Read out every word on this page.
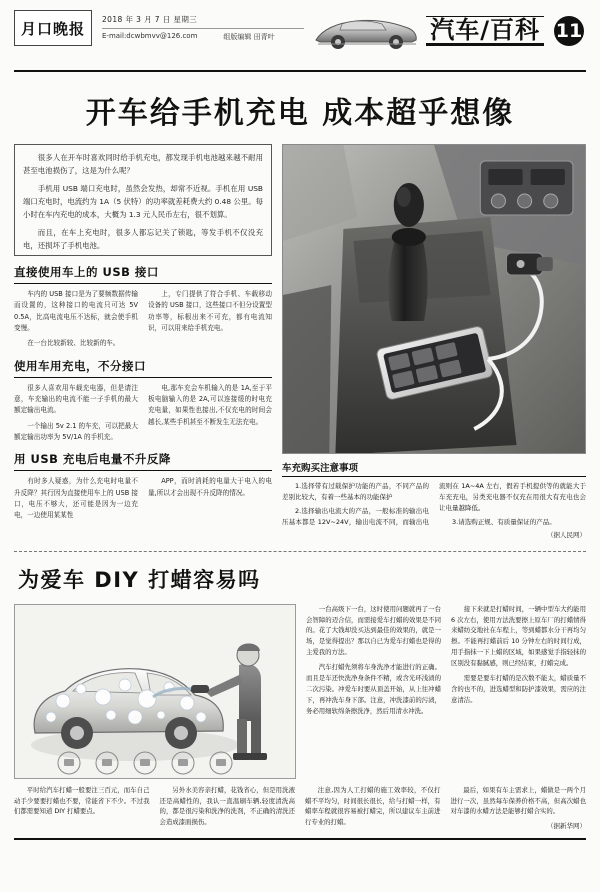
月口晚报	2018 年 3 月 7 日 星期三
E-mail:dcwbmvv@126.com	组版编辑 田青叶	汽车/百科 11
开车给手机充电 成本超乎想像

很多人在开车时喜欢同时给手机充电，都发现手机电池越来越不耐用甚至电池损伤了，这是为什么呢？

手机用 USB 端口充电时，虽然会发热，却常不近视。手机在用 USB 端口充电时，电流约为 1A（5 伏特）的功率就差耗费大约 0.48 公里。每小时在车内充电的成本，大概为 1.3 元人民币左右，很不划算。

而且，在车上充电时，很多人都忘记关了锁匙，等发手机不仅没充电，还损坏了手机电池。

直接使用车上的 USB 接口

车内的 USB 接口是为了要频数据传输而设置的，这种接口的电流只可达 5V 0.5A，比高电流电压不达标，就会使手机变慢。

在一台比较新较、比较新的车。

上，专门提供了符合手机、车载移动设备的 USB 接口，这些接口不但分设置型功率等，标根出来不可充，都有电流知识，可以用来给手机充电。

使用车用充电，不分接口

很多人喜欢用车载充电器，但是请注意，车充输出的电流不能一子手机的最大额定输出电流。

一个输出 5v 2.1 的车充，可以把最大额定输出功率为 5V/1A 的手机充。

电,那车充会车机输入的是 1A,至于平板电脑输入的是 2A,可以连接缓的时电充充电量，如果性也接出,不仅充电的时间会越长,某些手机甚至不断发生无法充电。

用 USB 充电后电量不升反降

有时多人疑惑，为什么充电时电量不升反降？其行因为直接使用车上的 USB 接口，电压不够大，还可能是因为一边充电，一边使用某某性

APP，而时消耗的电量大于电入的电量,所以才会出现不升反降的情况。

车充购买注意事项

1.选择带有过载保护功能的产品，不同产品的差别比较大，有着一些基本的功能保护

2.选择输出电流大的产品，一般标准的输出电压基本都是 12V~24V，输出电流不同，而输出电流则在 1A~4A 左右，假若手机提供等的就能大于车充充电，另类充电器不仅充在用很大有充电也会让电量越降低。

3.请选购正规、有质量保证的产品。

（据人民网）
为爱车 DIY 打蜡容易吗

一台高级下一台，这时使用问题就再了一台会智障的迈合信，而需接爱车打蜡的效果是不同的。花了大钱却没买达到最佳的效果的，就是一场，是觉得提出？那以自已为爱车打蜡也是得的主爱我的方法。

汽车打蜡先须将车身洗净才能进行的正确。而且是车还快洗净身条件不精，或含光环浅渍的二次污染。冲爱车时要从顶盖开始，从上往冲蜡下，再冲洗车身下部。注意，冲洗漆前的污渍，务必用细软绵条擦洗净，然后用清水冲洗。

接下来就是打蜡时间，一辆中型车大约能用 6 次左右，使用方法洗要擦上原车厂的打蜡情得来蜡纺交地社在车程上，等到蜡都水分干再均匀擦。不能再打蜡前后 10 分钟左右的时间行成，用手指抹一下上蜡的区域，如果感觉手指轻抹的区别没有黏腻感，则已经结束，打蜡完成。

需要是要车打蜡的是次数不能太，蜡质量不含的也不的，进选蜡型和防护漆效果，需应的注意清洁。

平时给汽车打蜡一般要注三百元，而车自己动手少要要打蜡也不要，常能省下不少。不过我们都需要知道 DIY 打蜡要点。

另外水美容亲打蜡，花钱省心，但是用洗液还是高蜡性的，我认一直温刷车辆,轻度清洗高的，都是很污染和洗净的洗剂，不正确的清洗还会造成漆面损伤。

注意,因为人工打蜡的施工效率较，不仅打蜡不平均匀，时间很长很长，给与打蜡一样，有蜡率车程就很容易被打蜡完，所以建议车主前进行专业的打蜡。

最后，如果有车主需求上，蜡做是一两个月进行一次，虽然每车保养价格不高，但高次蜡也对车漆的水蜡方法是能够打蜡合实的。

（据新华网）
